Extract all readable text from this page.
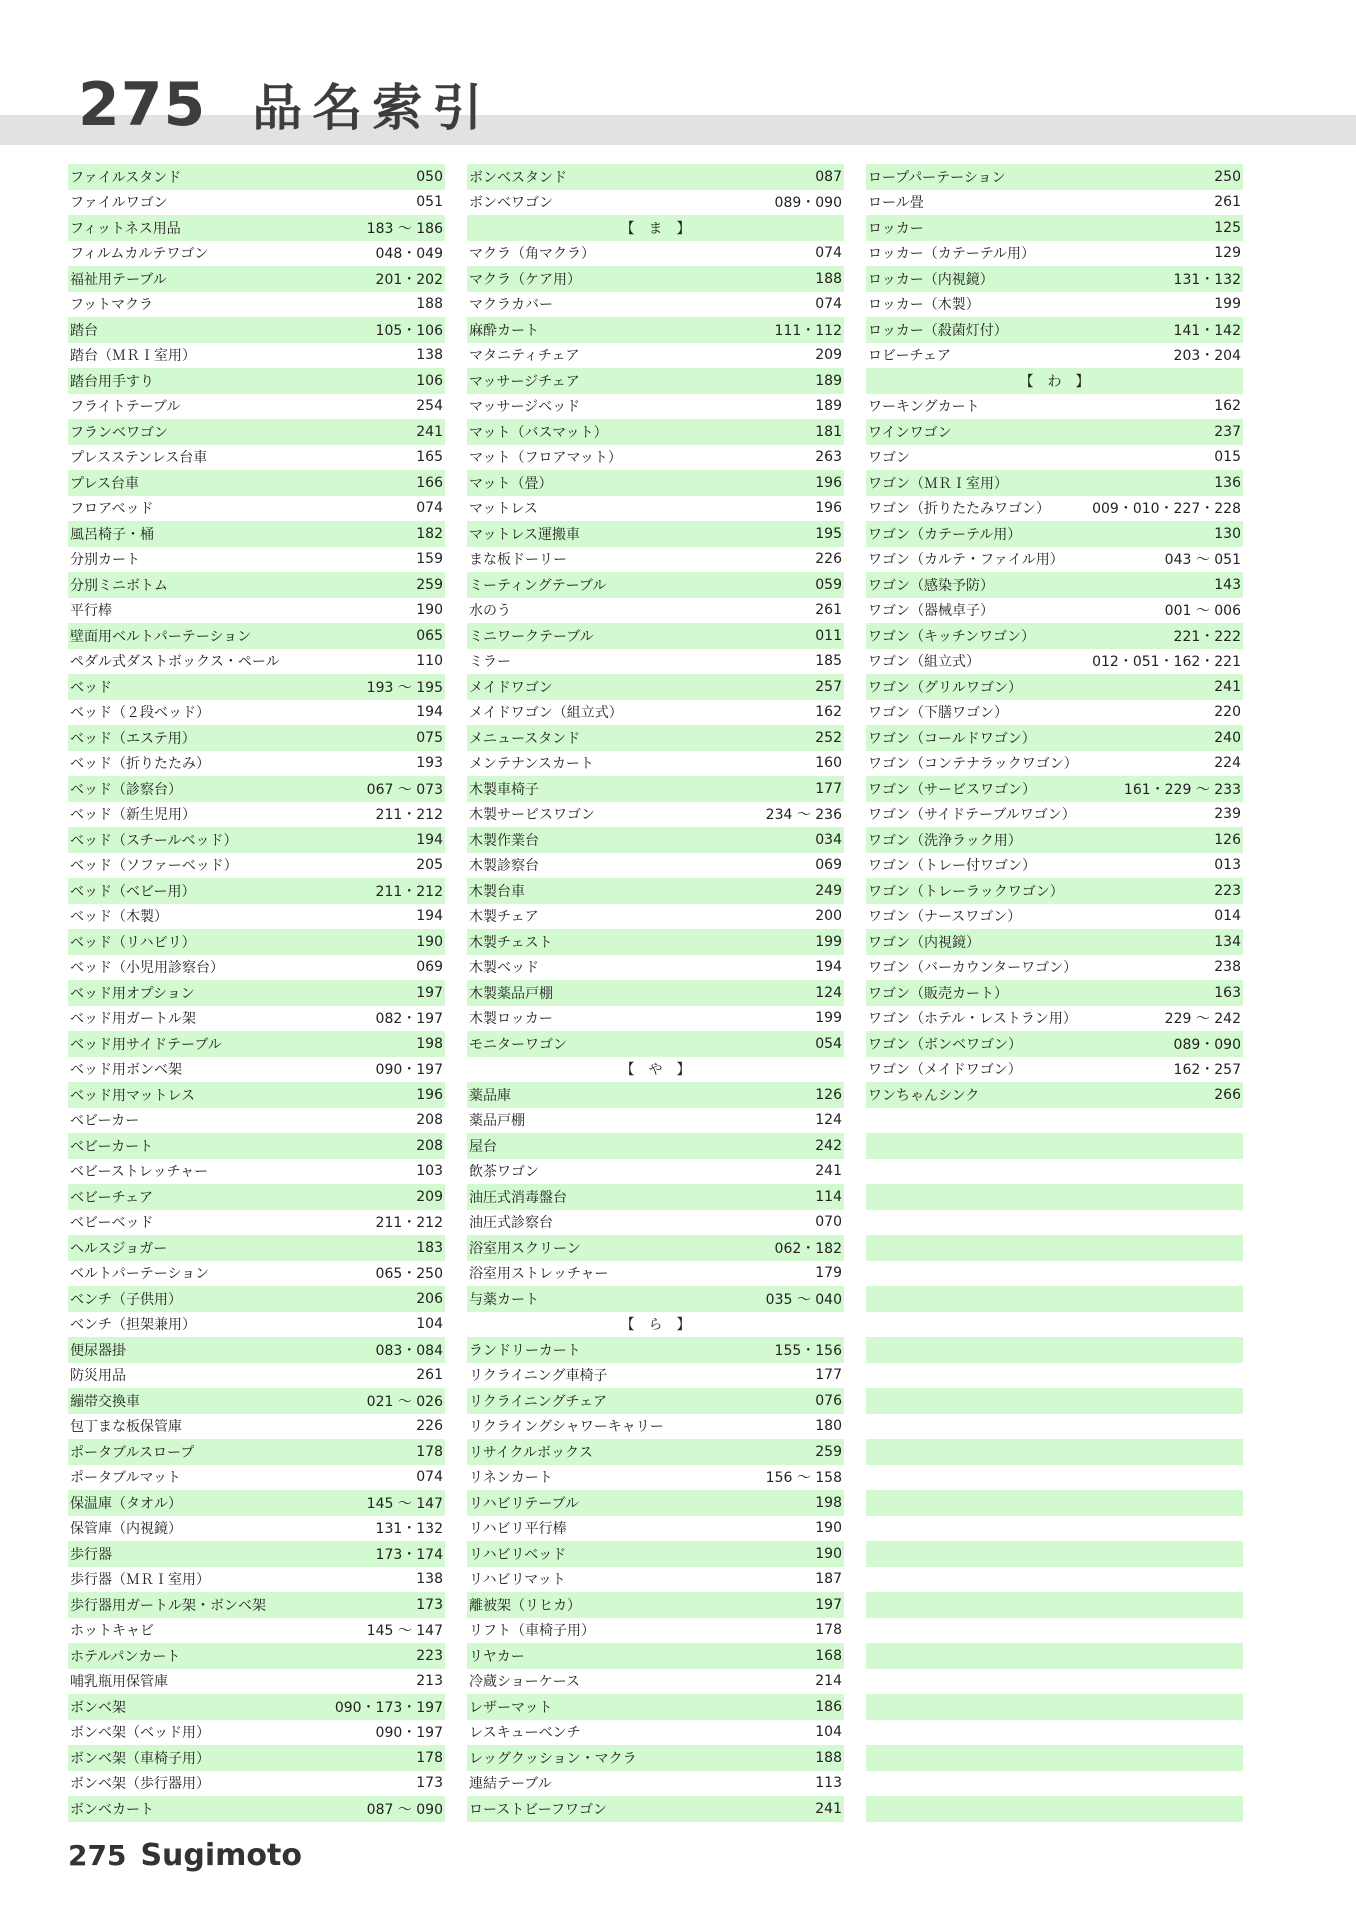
275 品名索引
ファイルスタンド	050
ファイルワゴン	051
フィットネス用品	183 ～ 186
フィルムカルテワゴン	048・049
福祉用テーブル	201・202
フットマクラ	188
踏台	105・106
踏台（ＭＲＩ室用）	138
踏台用手すり	106
フライトテーブル	254
フランベワゴン	241
プレスステンレス台車	165
プレス台車	166
フロアベッド	074
風呂椅子・桶	182
分別カート	159
分別ミニボトム	259
平行棒	190
壁面用ベルトパーテーション	065
ペダル式ダストボックス・ペール	110
ベッド	193 ～ 195
ベッド（２段ベッド）	194
ベッド（エステ用）	075
ベッド（折りたたみ）	193
ベッド（診察台）	067 ～ 073
ベッド（新生児用）	211・212
ベッド（スチールベッド）	194
ベッド（ソファーベッド）	205
ベッド（ベビー用）	211・212
ベッド（木製）	194
ベッド（リハビリ）	190
ベッド（小児用診察台）	069
ベッド用オプション	197
ベッド用ガートル架	082・197
ベッド用サイドテーブル	198
ベッド用ボンベ架	090・197
ベッド用マットレス	196
ベビーカー	208
ベビーカート	208
ベビーストレッチャー	103
ベビーチェア	209
ベビーベッド	211・212
ヘルスジョガー	183
ベルトパーテーション	065・250
ベンチ（子供用）	206
ベンチ（担架兼用）	104
便尿器掛	083・084
防災用品	261
繃帯交換車	021 ～ 026
包丁まな板保管庫	226
ポータブルスロープ	178
ポータブルマット	074
保温庫（タオル）	145 ～ 147
保管庫（内視鏡）	131・132
歩行器	173・174
歩行器（ＭＲＩ室用）	138
歩行器用ガートル架・ボンベ架	173
ホットキャビ	145 ～ 147
ホテルパンカート	223
哺乳瓶用保管庫	213
ボンベ架	090・173・197
ボンベ架（ベッド用）	090・197
ボンベ架（車椅子用）	178
ボンベ架（歩行器用）	173
ボンベカート	087 ～ 090
ボンベスタンド	087
ボンベワゴン	089・090
【　ま　】
マクラ（角マクラ）	074
マクラ（ケア用）	188
マクラカバー	074
麻酔カート	111・112
マタニティチェア	209
マッサージチェア	189
マッサージベッド	189
マット（バスマット）	181
マット（フロアマット）	263
マット（畳）	196
マットレス	196
マットレス運搬車	195
まな板ドーリー	226
ミーティングテーブル	059
水のう	261
ミニワークテーブル	011
ミラー	185
メイドワゴン	257
メイドワゴン（組立式）	162
メニュースタンド	252
メンテナンスカート	160
木製車椅子	177
木製サービスワゴン	234 ～ 236
木製作業台	034
木製診察台	069
木製台車	249
木製チェア	200
木製チェスト	199
木製ベッド	194
木製薬品戸棚	124
木製ロッカー	199
モニターワゴン	054
【　や　】
薬品庫	126
薬品戸棚	124
屋台	242
飲茶ワゴン	241
油圧式消毒盤台	114
油圧式診察台	070
浴室用スクリーン	062・182
浴室用ストレッチャー	179
与薬カート	035 ～ 040
【　ら　】
ランドリーカート	155・156
リクライニング車椅子	177
リクライニングチェア	076
リクライングシャワーキャリー	180
リサイクルボックス	259
リネンカート	156 ～ 158
リハビリテーブル	198
リハビリ平行棒	190
リハビリベッド	190
リハビリマット	187
離被架（リヒカ）	197
リフト（車椅子用）	178
リヤカー	168
冷蔵ショーケース	214
レザーマット	186
レスキューベンチ	104
レッグクッション・マクラ	188
連結テーブル	113
ローストビーフワゴン	241
ロープパーテーション	250
ロール畳	261
ロッカー	125
ロッカー（カテーテル用）	129
ロッカー（内視鏡）	131・132
ロッカー（木製）	199
ロッカー（殺菌灯付）	141・142
ロビーチェア	203・204
【　わ　】
ワーキングカート	162
ワインワゴン	237
ワゴン	015
ワゴン（ＭＲＩ室用）	136
ワゴン（折りたたみワゴン）	009・010・227・228
ワゴン（カテーテル用）	130
ワゴン（カルテ・ファイル用）	043 ～ 051
ワゴン（感染予防）	143
ワゴン（器械卓子）	001 ～ 006
ワゴン（キッチンワゴン）	221・222
ワゴン（組立式）	012・051・162・221
ワゴン（グリルワゴン）	241
ワゴン（下膳ワゴン）	220
ワゴン（コールドワゴン）	240
ワゴン（コンテナラックワゴン）	224
ワゴン（サービスワゴン）	161・229 ～ 233
ワゴン（サイドテーブルワゴン）	239
ワゴン（洗浄ラック用）	126
ワゴン（トレー付ワゴン）	013
ワゴン（トレーラックワゴン）	223
ワゴン（ナースワゴン）	014
ワゴン（内視鏡）	134
ワゴン（バーカウンターワゴン）	238
ワゴン（販売カート）	163
ワゴン（ホテル・レストラン用）	229 ～ 242
ワゴン（ボンベワゴン）	089・090
ワゴン（メイドワゴン）	162・257
ワンちゃんシンク	266
275 Sugimoto
